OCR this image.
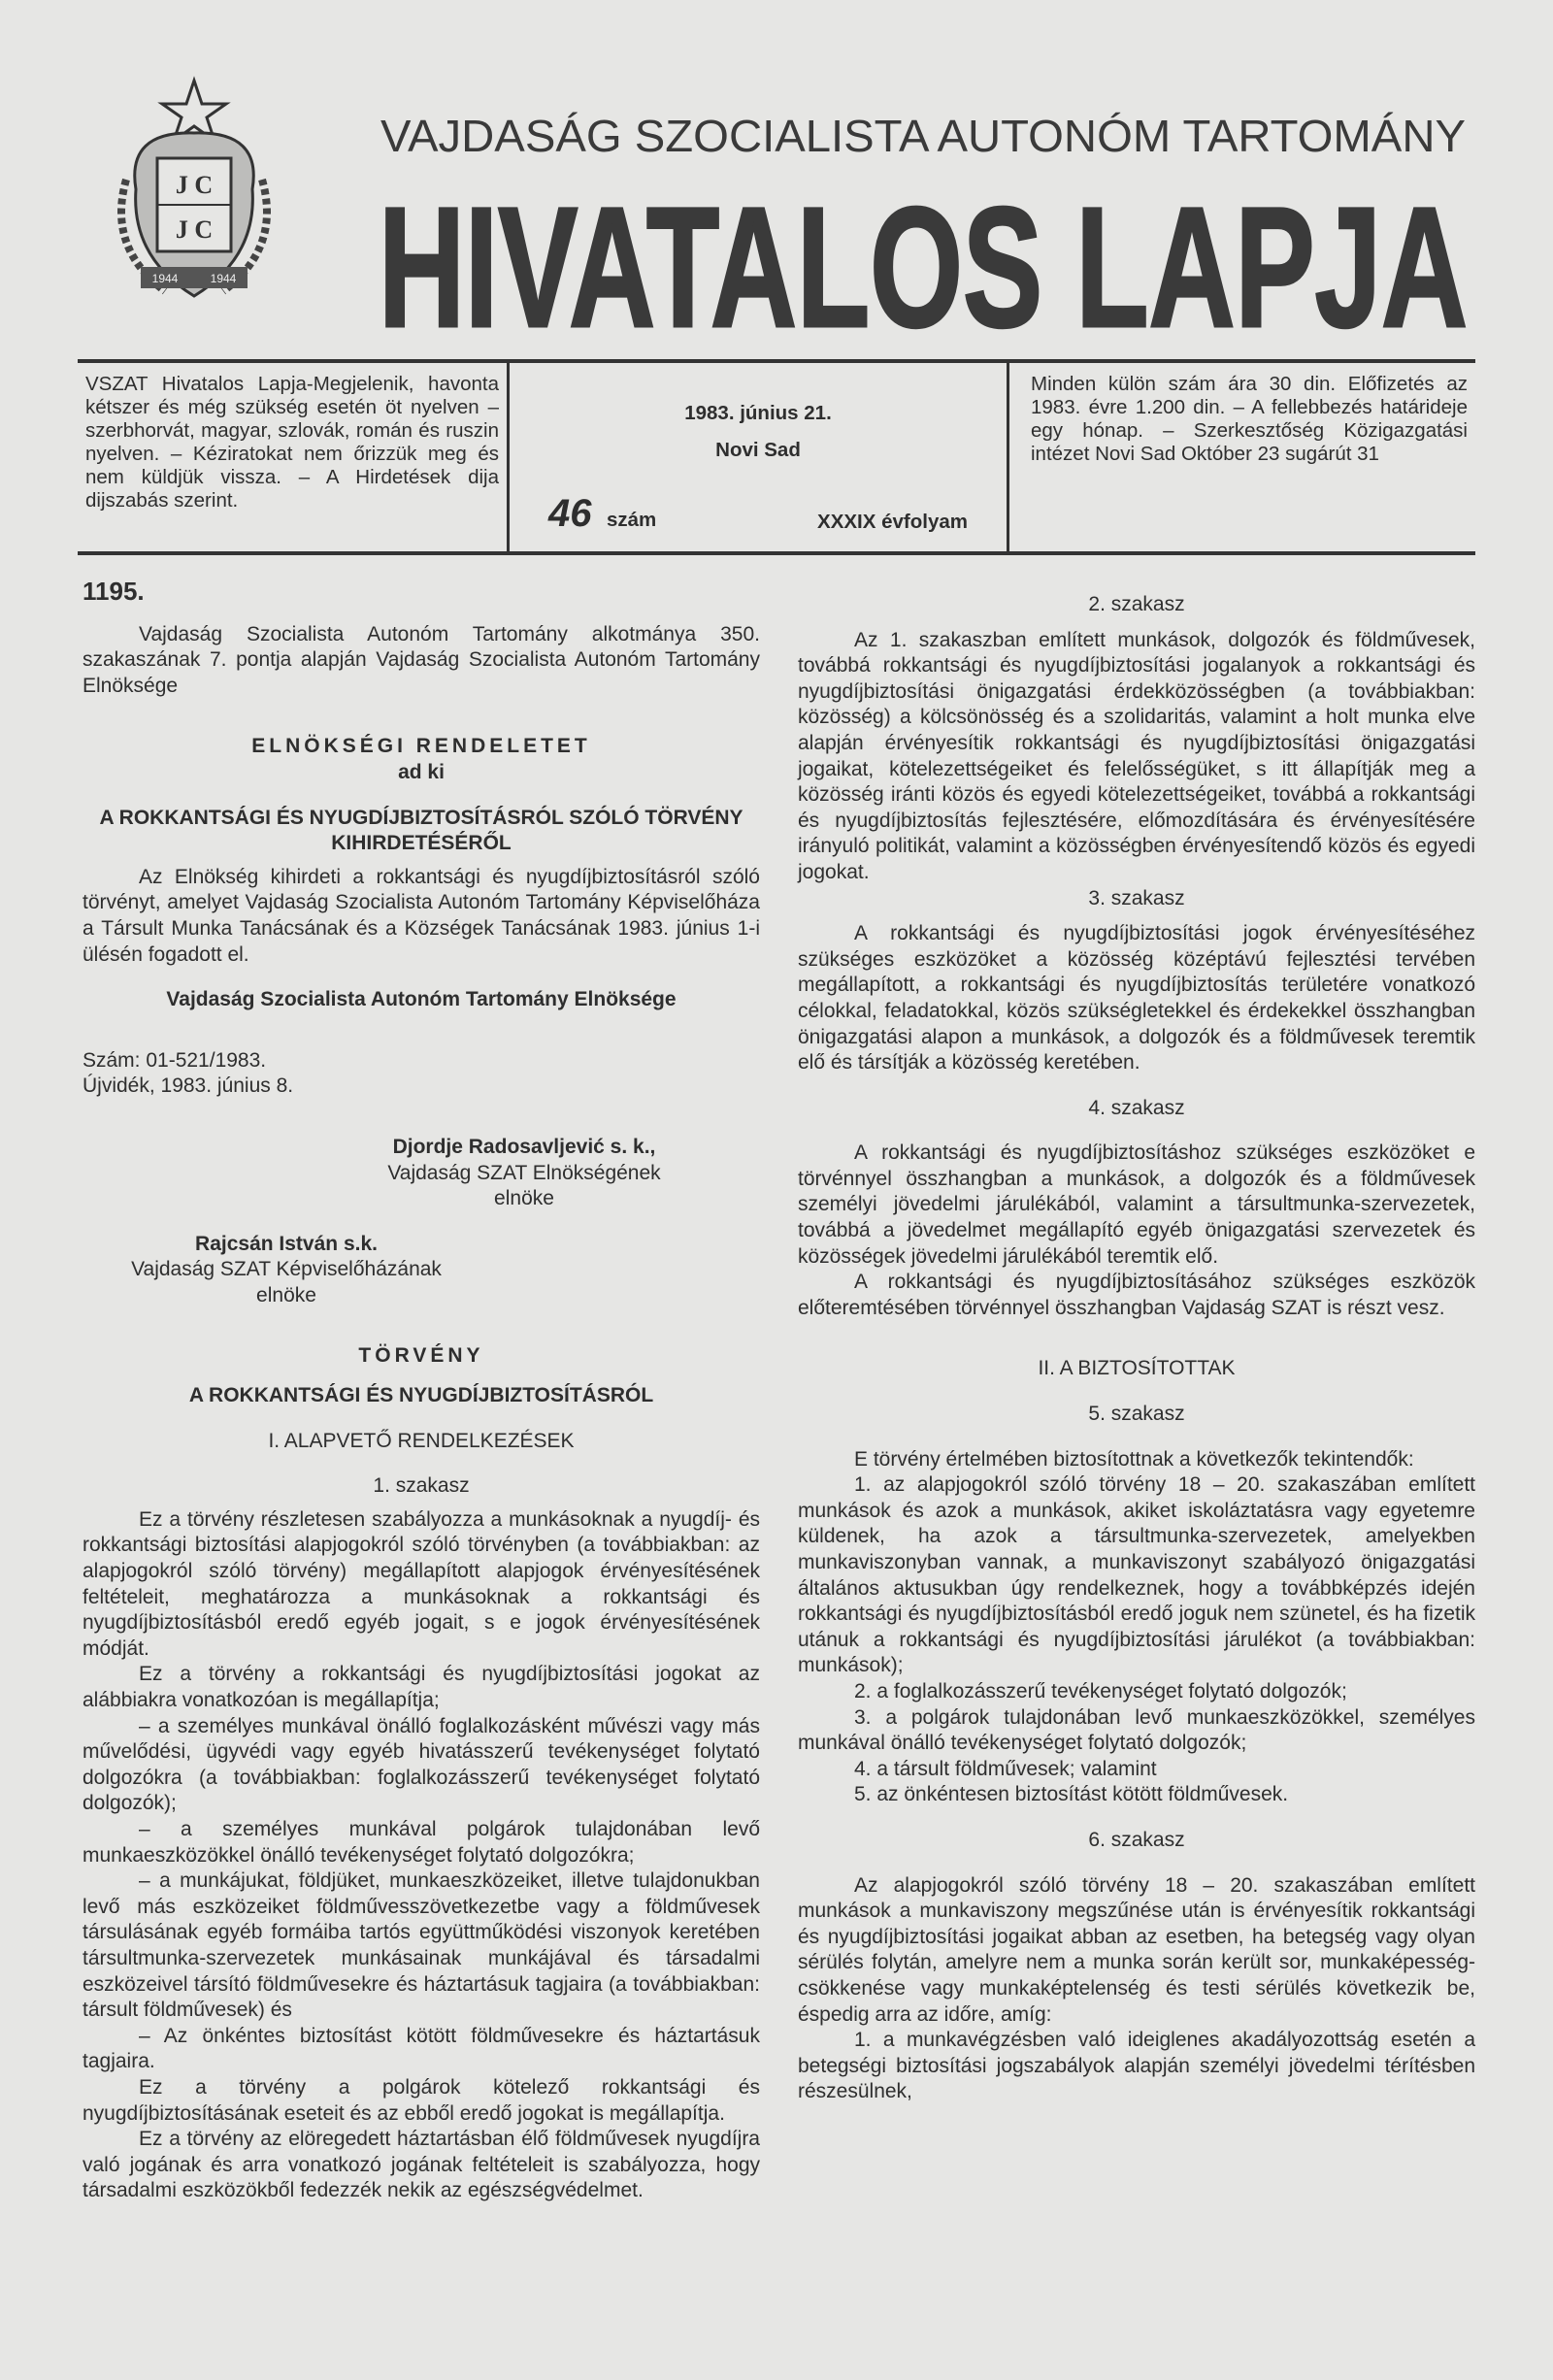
Ј С
Ј С
1944	1944
VAJDASÁG SZOCIALISTA AUTONÓM TARTOMÁNY
HIVATALOS LAPJA
VSZAT Hivatalos Lapja-Megjelenik, havonta kétszer és még szükség esetén öt nyelven – szerbhorvát, magyar, szlovák, román és ruszin nyelven. – Kéziratokat nem őrizzük meg és nem küldjük vissza. – A Hirdetések dija dijszabás szerint.
1983. június 21.
Novi Sad
46 szám	XXXIX évfolyam
Minden külön szám ára 30 din. Előfizetés az 1983. évre 1.200 din. – A fellebbezés határideje egy hónap. – Szerkesztőség Közigazgatási intézet Novi Sad Október 23 sugárút 31
1195.

Vajdaság Szocialista Autonóm Tartomány alkotmánya 350. szakaszának 7. pontja alapján Vajdaság Szocialista Autonóm Tartomány Elnöksége

ELNÖKSÉGI RENDELETET

ad ki

A ROKKANTSÁGI ÉS NYUGDÍJBIZTOSÍTÁSRÓL SZÓLÓ TÖRVÉNY KIHIRDETÉSÉRŐL

Az Elnökség kihirdeti a rokkantsági és nyugdíjbiztosításról szóló törvényt, amelyet Vajdaság Szocialista Autonóm Tartomány Képviselőháza a Társult Munka Tanácsának és a Községek Tanácsának 1983. június 1-i ülésén fogadott el.

Vajdaság Szocialista Autonóm Tartomány Elnöksége

Szám: 01-521/1983.

Újvidék, 1983. június 8.

Djordje Radosavljević s. k.,
Vajdaság SZAT Elnökségének
elnöke
Rajcsán István s.k.
Vajdaság SZAT Képviselőházának
elnöke

TÖRVÉNY

A ROKKANTSÁGI ÉS NYUGDÍJBIZTOSÍTÁSRÓL

I. ALAPVETŐ RENDELKEZÉSEK

1. szakasz

Ez a törvény részletesen szabályozza a munkásoknak a nyugdíj- és rokkantsági biztosítási alapjogokról szóló törvényben (a továbbiakban: az alapjogokról szóló törvény) megállapított alapjogok érvényesítésének feltételeit, meghatározza a munkásoknak a rokkantsági és nyugdíjbiztosításból eredő egyéb jogait, s e jogok érvényesítésének módját.

Ez a törvény a rokkantsági és nyugdíjbiztosítási jogokat az alábbiakra vonatkozóan is megállapítja;

– a személyes munkával önálló foglalkozásként művészi vagy más művelődési, ügyvédi vagy egyéb hivatásszerű tevékenységet folytató dolgozókra (a továbbiakban: foglalkozásszerű tevékenységet folytató dolgozók);

– a személyes munkával polgárok tulajdonában levő munkaeszközökkel önálló tevékenységet folytató dolgozókra;

– a munkájukat, földjüket, munkaeszközeiket, illetve tulajdonukban levő más eszközeiket földművesszövetkezetbe vagy a földművesek társulásának egyéb formáiba tartós együttműködési viszonyok keretében társultmunka-szervezetek munkásainak munkájával és társadalmi eszközeivel társító földművesekre és háztartásuk tagjaira (a továbbiakban: társult földművesek) és

– Az önkéntes biztosítást kötött földművesekre és háztartásuk tagjaira.

Ez a törvény a polgárok kötelező rokkantsági és nyugdíjbiztosításának eseteit és az ebből eredő jogokat is megállapítja.

Ez a törvény az elöregedett háztartásban élő földművesek nyugdíjra való jogának és arra vonatkozó jogának feltételeit is szabályozza, hogy társadalmi eszközökből fedezzék nekik az egészségvédelmet.

2. szakasz

Az 1. szakaszban említett munkások, dolgozók és földművesek, továbbá rokkantsági és nyugdíjbiztosítási jogalanyok a rokkantsági és nyugdíjbiztosítási önigazgatási érdekközösségben (a továbbiakban: közösség) a kölcsönösség és a szolidaritás, valamint a holt munka elve alapján érvényesítik rokkantsági és nyugdíjbiztosítási önigazgatási jogaikat, kötelezettségeiket és felelősségüket, s itt állapítják meg a közösség iránti közös és egyedi kötelezettségeiket, továbbá a rokkantsági és nyugdíjbiztosítás fejlesztésére, előmozdítására és érvényesítésére irányuló politikát, valamint a közösségben érvényesítendő közös és egyedi jogokat.

3. szakasz

A rokkantsági és nyugdíjbiztosítási jogok érvényesítéséhez szükséges eszközöket a közösség középtávú fejlesztési tervében megállapított, a rokkantsági és nyugdíjbiztosítás területére vonatkozó célokkal, feladatokkal, közös szükségletekkel és érdekekkel összhangban önigazgatási alapon a munkások, a dolgozók és a földművesek teremtik elő és társítják a közösség keretében.

4. szakasz

A rokkantsági és nyugdíjbiztosításhoz szükséges eszközöket e törvénnyel összhangban a munkások, a dolgozók és a földművesek személyi jövedelmi járulékából, valamint a társultmunka-szervezetek, továbbá a jövedelmet megállapító egyéb önigazgatási szervezetek és közösségek jövedelmi járulékából teremtik elő.

A rokkantsági és nyugdíjbiztosításához szükséges eszközök előteremtésében törvénnyel összhangban Vajdaság SZAT is részt vesz.

II. A BIZTOSÍTOTTAK

5. szakasz

E törvény értelmében biztosítottnak a következők tekintendők:

1. az alapjogokról szóló törvény 18 – 20. szakaszában említett munkások és azok a munkások, akiket iskoláztatásra vagy egyetemre küldenek, ha azok a társultmunka-szervezetek, amelyekben munkaviszonyban vannak, a munkaviszonyt szabályozó önigazgatási általános aktusukban úgy rendelkeznek, hogy a továbbképzés idején rokkantsági és nyugdíjbiztosításból eredő joguk nem szünetel, és ha fizetik utánuk a rokkantsági és nyugdíjbiztosítási járulékot (a továbbiakban: munkások);

2. a foglalkozásszerű tevékenységet folytató dolgozók;

3. a polgárok tulajdonában levő munkaeszközökkel, személyes munkával önálló tevékenységet folytató dolgozók;

4. a társult földművesek; valamint

5. az önkéntesen biztosítást kötött földművesek.

6. szakasz

Az alapjogokról szóló törvény 18 – 20. szakaszában említett munkások a munkaviszony megszűnése után is érvényesítik rokkantsági és nyugdíjbiztosítási jogaikat abban az esetben, ha betegség vagy olyan sérülés folytán, amelyre nem a munka során került sor, munkaképesség-csökkenése vagy munkaképtelenség és testi sérülés következik be, éspedig arra az időre, amíg:

1. a munkavégzésben való ideiglenes akadályozottság esetén a betegségi biztosítási jogszabályok alapján személyi jövedelmi térítésben részesülnek,
